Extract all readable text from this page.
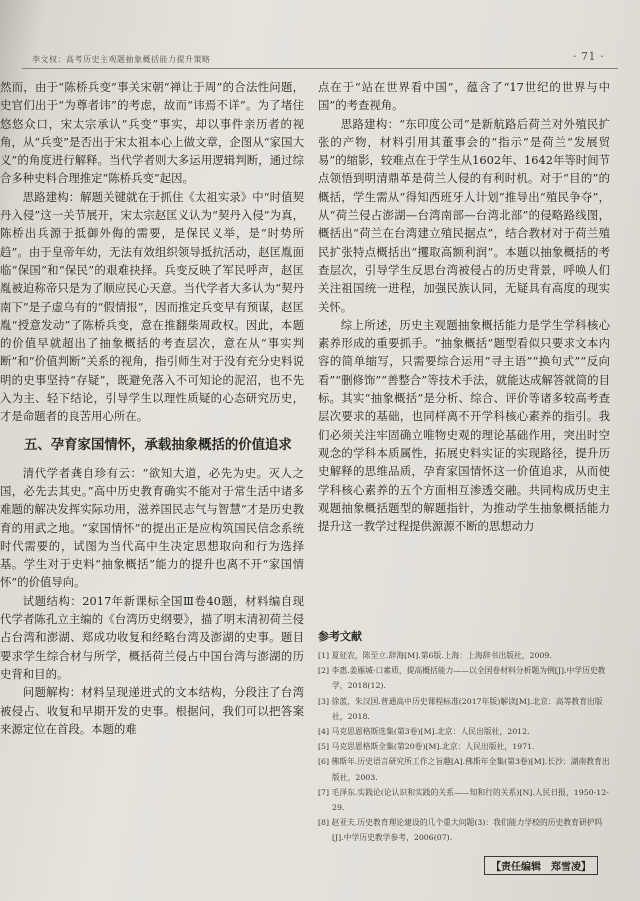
李文权：高考历史主观题抽象概括能力提升策略	· 71 ·

然而，由于“陈桥兵变”事关宋朝“禅让于周”的合法性问题，史官们出于“为尊者讳”的考虑，故而“讳焉不详”。为了堵住悠悠众口，宋太宗承认“兵变”事实，却以事件亲历者的视角，从“兵变”是否出于宋太祖本心上做文章，企图从“家国大义”的角度进行解释。当代学者则大多运用逻辑判断，通过综合多种史料合理推定“陈桥兵变”起因。

思路建构：解题关键就在于抓住《太祖实录》中“时值契丹入侵”这一关节展开，宋太宗赵匡义认为“契丹入侵”为真，陈桥出兵源于抵御外侮的需要，是保民义举，是“时势所趋”。由于皇帝年幼，无法有效组织领导抵抗活动，赵匡胤面临“保国”和“保民”的艰难抉择。兵变反映了军民呼声，赵匡胤被迫称帝只是为了顺应民心天意。当代学者大多认为“契丹南下”是子虚乌有的“假情报”，因而推定兵变早有预谋，赵匡胤“授意发动”了陈桥兵变，意在推翻柴周政权。因此，本题的价值早就超出了抽象概括的考查层次，意在从“事实判断”和“价值判断”关系的视角，指引师生对于没有充分史料说明的史事坚持“存疑”，既避免落入不可知论的泥沼，也不先入为主、轻下结论，引导学生以理性质疑的心态研究历史，才是命题者的良苦用心所在。

五、孕育家国情怀，承载抽象概括的价值追求

清代学者龚自珍有云：“欲知大道，必先为史。灭人之国，必先去其史。”高中历史教育确实不能对于常生活中诸多难题的解决发挥实际功用，滋养国民志气与智慧”才是历史教育的用武之地。“家国情怀”的提出正是应构筑国民信念系统时代需要的，试图为当代高中生决定思想取向和行为选择基。学生对于史料“抽象概括”能力的提升也离不开“家国情怀”的价值导向。

试题结构：2017年新课标全国Ⅲ卷40题，材料编自现代学者陈孔立主编的《台湾历史纲要》，描了明末清初荷兰侵占台湾和澎湖、郑成功收复和经略台湾及澎湖的史事。题目要求学生综合材与所学，概括荷兰侵占中国台湾与澎湖的历史背和目的。

问题解构：材料呈现递进式的文本结构，分段注了台湾被侵占、收复和早期开发的史事。根据问，我们可以把答案来源定位在首段。本题的难

点在于“站在世界看中国”，蕴含了“17世纪的世界与中国”的考查视角。

思路建构：“东印度公司”是新航路后荷兰对外殖民扩张的产物，材料引用其董事会的“指示”是荷兰“发展贸易”的缩影，较难点在于学生从1602年、1642年等时间节点领悟到明清鼎革是荷兰人侵的有利时机。对于“目的”的概括，学生需从“得知西班牙人计划”推导出“殖民争夺”，从“荷兰侵占澎湖—台湾南部—台湾北部”的侵略路线图，概括出“荷兰在台湾建立殖民据点”，结合教材对于荷兰殖民扩张特点概括出“攫取高额利润”。本题以抽象概括的考查层次，引导学生反思台湾被侵占的历史背景，呼唤人们关注祖国统一进程，加强民族认同，无疑具有高度的现实关怀。

综上所述，历史主观题抽象概括能力是学生学科核心素养形成的重要抓手。“抽象概括”题型看似只要求文本内容的简单缩写，只需要综合运用“寻主语”“换句式”“反向看”“删修饰”“善整合”等技术手法，就能达成解答就简的目标。其实“抽象概括”是分析、综合、评价等诸多较高考查层次要求的基础，也同样离不开学科核心素养的指引。我们必须关注牢固确立唯物史观的理论基础作用，突出时空观念的学科本质属性，拓展史料实证的实现路径，提升历史解释的思维品质，孕育家国情怀这一价值追求，从而使学科核心素养的五个方面相互渗透交融。共同构成历史主观题抽象概括题型的解题指针，为推动学生抽象概括能力提升这一教学过程提供源源不断的思想动力

参考文献

[1] 夏征农，陈至立.辞海[M].第6版.上海：上海辞书出版社，2009.

[2] 李惠.姜雁城·口素质，提高概括能力——以全国卷材料分析题为例[J].中学历史教学，2018(12).

[3] 徐蓝，朱汉国.普通高中历史课程标准(2017年版)解读[M].北京：高等教育出版社，2018.

[4] 马克思恩格斯选集(第3卷)[M].北京：人民出版社，2012.

[5] 马克思恩格斯全集(第20卷)[M].北京：人民出版社，1971.

[6] 佛斯年.历史语言研究所工作之旨趣[A].佛斯年全集(第3卷)[M].长沙：湖南教育出版社，2003.

[7] 毛泽东.实践论(论认识和实践的关系——知和行的关系)[N].人民日报，1950-12-29.

[8] 赵亚夫.历史教育理论建设的几个重大问题(3)：我们能力学校的历史教育研护吗[J].中学历史教学参考，2006(07).

【责任编辑　郑雪凌】
